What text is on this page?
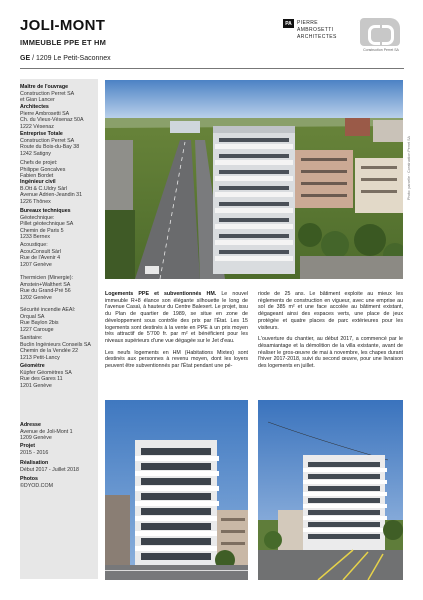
JOLI-MONT
IMMEUBLE PPE ET HM
GE / 1209 Le Petit-Saconnex
PA	PIERRE
AMBROSETTI
ARCHITECTES
Construction Perret SA
Maître de l'ouvrage
Construction Perret SA
et Gian Lancer
Architectes
Pierre Ambrosetti SA
Ch. du Vieux-Vésenaz 50A
1222 Vésenaz
Entreprise Totale
Construction Perret SA
Route du Bois-du-Bay 38
1242 Satigny
Chefs de projet:
Philippe Goncalves
Fabien Bordet
Ingénieur civil
B.Ott & C.Uldry Sàrl
Avenue Adrien-Jeandin 31
1226 Thônex
Bureaux techniques
Géotechnique:
Pillet géotechnique SA
Chemin de Paris 5
1233 Bernex
Acoustique:
AcouConsult Sàrl
Rue de l'Avenir 4
1207 Genève
Thermicien (Minergie):
Amstein+Walthert SA
Rue du Grand-Pré 56
1202 Genève
Sécurité incendie AEAI:
Orqual SA
Rue Baylon 2bis
1227 Carouge
Sanitaire:
Buclin Ingénieurs Conseils SA
Chemin de la Vendée 22
1213 Petit-Lancy
Géomètre
Küpfer Géomètres SA
Rue des Gares 11
1201 Genève
Adresse
Avenue de Joli-Mont 1
1209 Genève
Projet
2015 - 2016
Réalisation
Début 2017 - Juillet 2018
Photos
©DYOD.COM
Photo: parcelle · Construction Perret SA

Logements PPE et subventionnés HM. Le nouvel immeuble R+8 élance son élégante silhouette le long de l'avenue Casaï, à hauteur du Centre Balexert. Le projet, issu du Plan de quartier de 1989, se situe en zone de développement sous contrôle des prix par l'État. Les 15 logements sont destinés à la vente en PPE à un prix moyen très attractif de 5'700 fr. par m² et bénéficient pour les niveaux supérieurs d'une vue dégagée sur le Jet d'eau.

Les neufs logements en HM (Habitations Mixtes) sont destinés aux personnes à revenu moyen, dont les loyers peuvent être subventionnés par l'État pendant une pé-

riode de 25 ans. Le bâtiment exploite au mieux les règlements de construction en vigueur, avec une emprise au sol de 385 m² et une face accolée au bâtiment existant, dégageant ainsi des espaces verts, une place de jeux protégée et quatre places de parc extérieures pour les visiteurs.

L'ouverture du chantier, au début 2017, a commencé par le désamiantage et la démolition de la villa existante, avant de réaliser le gros-œuvre de mai à novembre, les chapes durant l'hiver 2017-2018, suivi du second œuvre, pour une livraison des logements en juillet.
